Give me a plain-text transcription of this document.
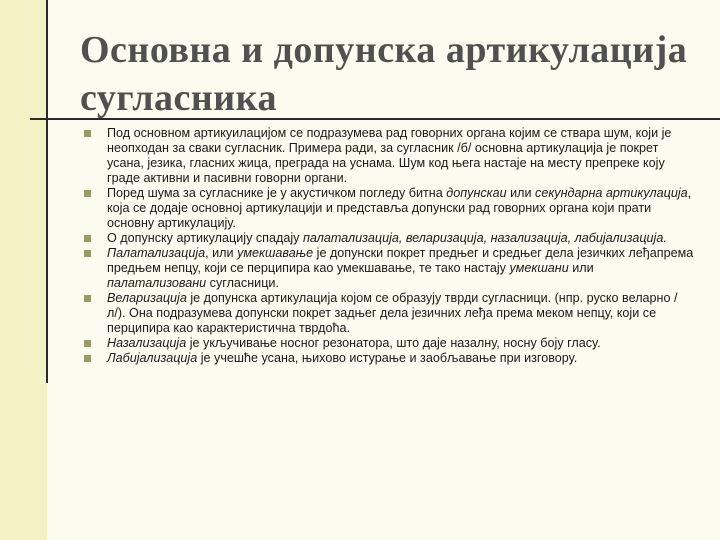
Основна и допунска артикулација сугласника
Под основном артикуилацијом се подразумева рад говорних органа којим се ствара шум, који је неопходан за сваки сугласник. Примера ради, за сугласник /б/ основна артикулација је покрет усана, језика, гласних жица, преграда на уснама. Шум код њега настаје на месту препреке коју граде активни и пасивни говорни органи.
Поред шума за сугласнике је у акустичком погледу битна допунскаи или секундарна артикулација, која се додаје основној артикулацији и представља допунски рад говорних органа који прати основну артикулацију.
О допунску артикулацију спадају палатализација, веларизација, назализација, лабијализација.
Палатализација, или умекшавање је допунски покрет предњег и средњег дела језичких леђапрема предњем непцу, који се перципира као умекшавање, те тако настају умекшани или палатализовани сугласници.
Веларизација је допунска артикулација којом се образују тврди сугласници. (нпр. руско веларно /л/). Она подразумева допунски покрет задњег дела језичних леђа према меком непцу, који се перципира као карактеристична тврдоћа.
Назализација је укључивање носног резонатора, што даје назалну, носну боју гласу.
Лабијализација је учешће усана, њихово истурање и заобљавање при изговору.
